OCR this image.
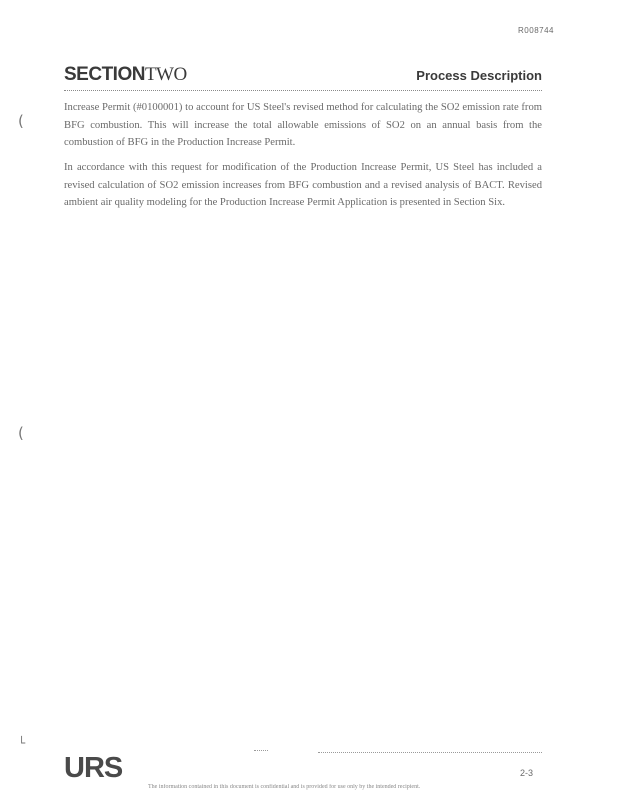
R008744
SECTIONTWO	Process Description
Increase Permit (#0100001) to account for US Steel's revised method for calculating the SO2 emission rate from BFG combustion. This will increase the total allowable emissions of SO2 on an annual basis from the combustion of BFG in the Production Increase Permit.
In accordance with this request for modification of the Production Increase Permit, US Steel has included a revised calculation of SO2 emission increases from BFG combustion and a revised analysis of BACT. Revised ambient air quality modeling for the Production Increase Permit Application is presented in Section Six.
(
(
└
URS	2-3
The information contained in this document is confidential and is provided for use only by the intended recipient.
